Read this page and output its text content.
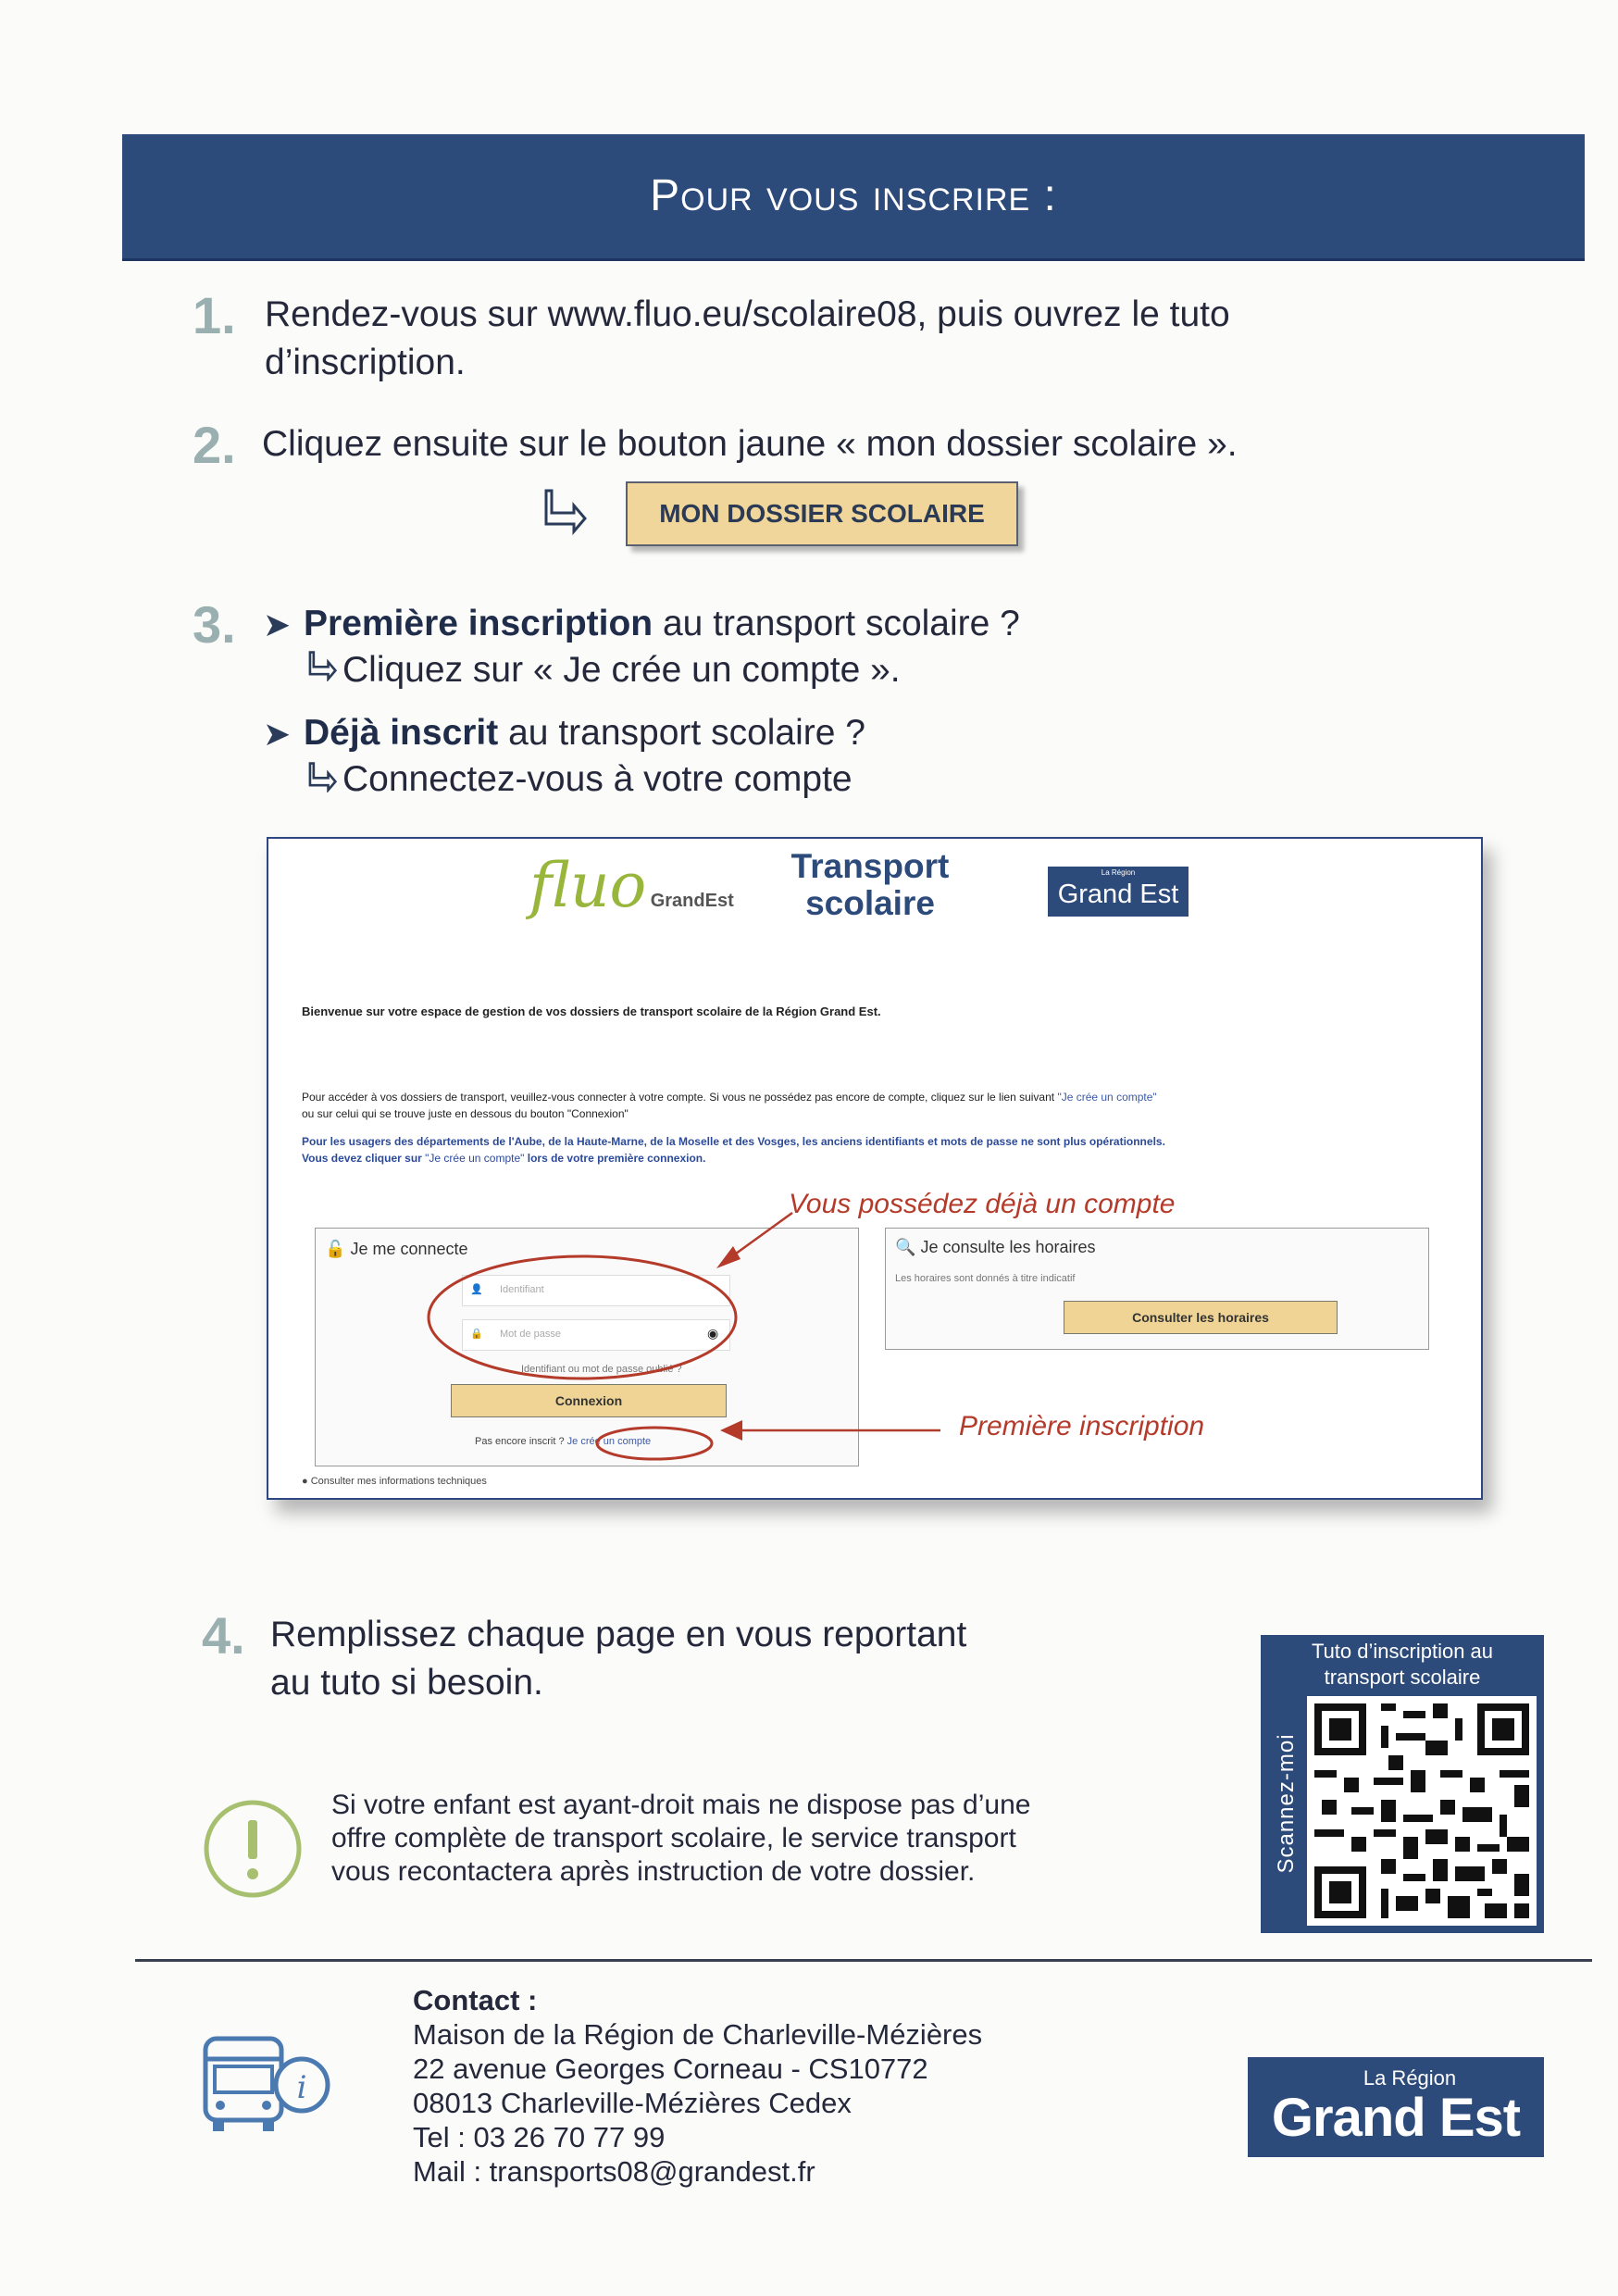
Pour vous inscrire :
1. Rendez-vous sur www.fluo.eu/scolaire08, puis ouvrez le tuto
d’inscription.
2. Cliquez ensuite sur le bouton jaune « mon dossier scolaire ».
MON DOSSIER SCOLAIRE
3. ➤ Première inscription au transport scolaire ?
Cliquez sur « Je crée un compte ».
➤ Déjà inscrit au transport scolaire ?
Connectez-vous à votre compte
fluo GrandEst
Transport
scolaire
La Région
Grand Est
Bienvenue sur votre espace de gestion de vos dossiers de transport scolaire de la Région Grand Est.
Pour accéder à vos dossiers de transport, veuillez-vous connecter à votre compte. Si vous ne possédez pas encore de compte, cliquez sur le lien suivant "Je crée un compte"
ou sur celui qui se trouve juste en dessous du bouton "Connexion"
Pour les usagers des départements de l'Aube, de la Haute-Marne, de la Moselle et des Vosges, les anciens identifiants et mots de passe ne sont plus opérationnels.
Vous devez cliquer sur "Je crée un compte" lors de votre première connexion.
🔓 Je me connecte
👤 Identifiant
🔒 Mot de passe	◉
Identifiant ou mot de passe oublié ?
Connexion
Pas encore inscrit ? Je crée un compte
🔍 Je consulte les horaires
Les horaires sont donnés à titre indicatif
Consulter les horaires
● Consulter mes informations techniques
Vous possédez déjà un compte
Première inscription
4. Remplissez chaque page en vous reportant
au tuto si besoin.
Si votre enfant est ayant-droit mais ne dispose pas d’une
offre complète de transport scolaire, le service transport
vous recontactera après instruction de votre dossier.
Tuto d’inscription au
transport scolaire
Scannez-moi
i
Contact :
Maison de la Région de Charleville-Mézières
22 avenue Georges Corneau - CS10772
08013 Charleville-Mézières Cedex
Tel : 03 26 70 77 99
Mail : transports08@grandest.fr
La Région
Grand Est
